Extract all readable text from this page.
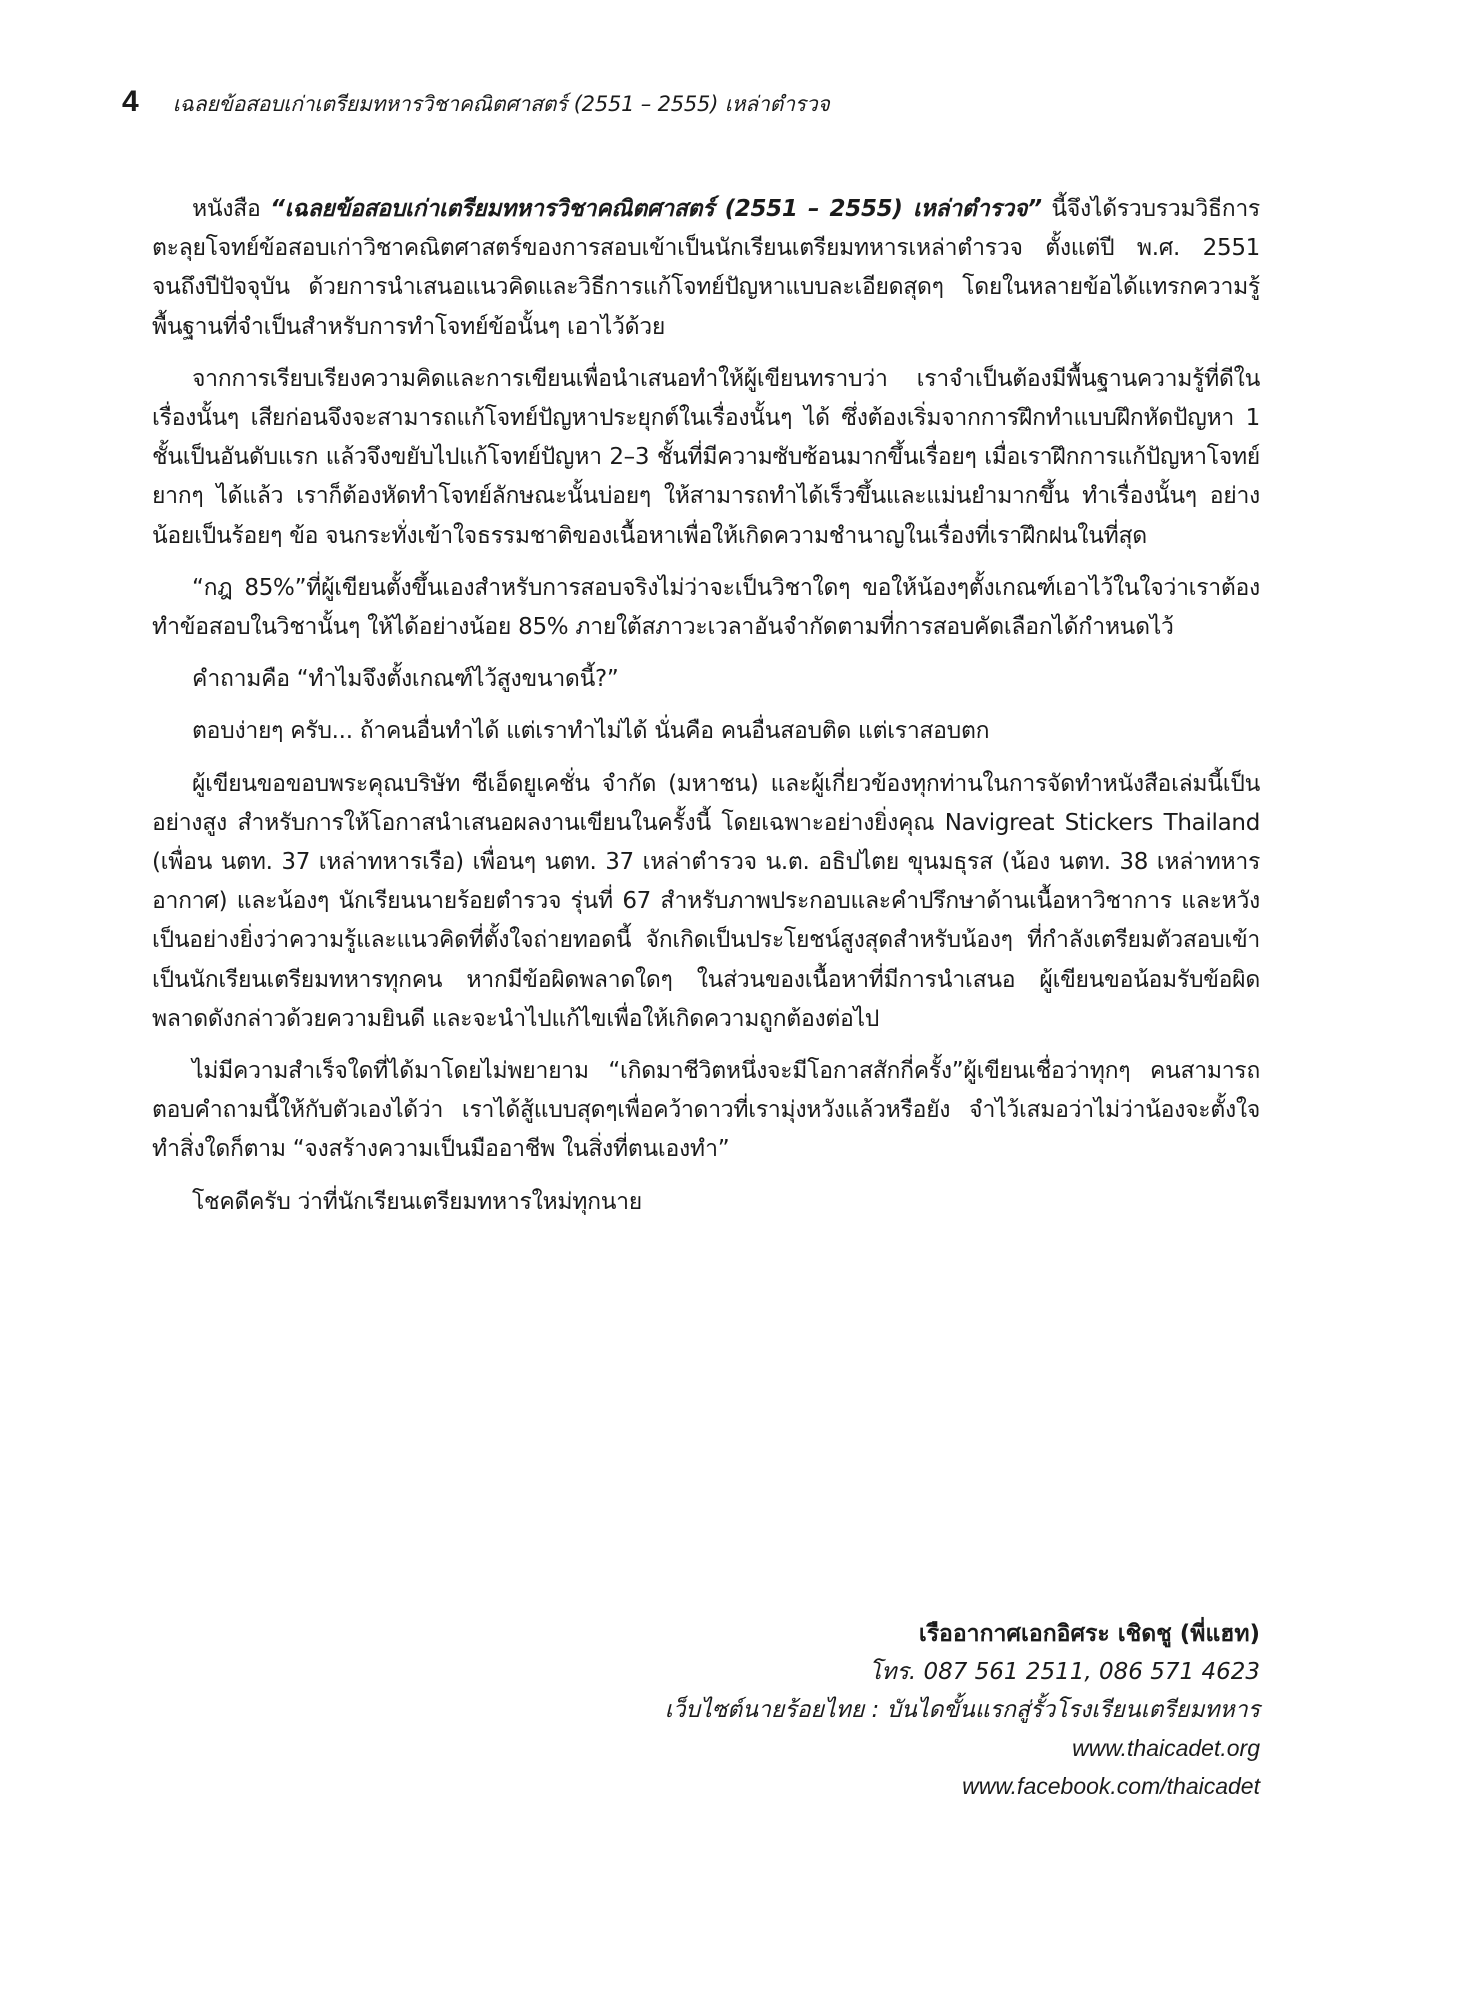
4 เฉลยข้อสอบเก่าเตรียมทหารวิชาคณิตศาสตร์ (2551 – 2555) เหล่าตำรวจ

หนังสือ “เฉลยข้อสอบเก่าเตรียมทหารวิชาคณิตศาสตร์ (2551 – 2555) เหล่าตำรวจ” นี้จึงได้รวบรวมวิธีการตะลุยโจทย์ข้อสอบเก่าวิชาคณิตศาสตร์ของการสอบเข้าเป็นนักเรียนเตรียมทหารเหล่าตำรวจ ตั้งแต่ปี พ.ศ. 2551 จนถึงปีปัจจุบัน ด้วยการนำเสนอแนวคิดและวิธีการแก้โจทย์ปัญหาแบบละเอียดสุดๆ โดยในหลายข้อได้แทรกความรู้พื้นฐานที่จำเป็นสำหรับการทำโจทย์ข้อนั้นๆ เอาไว้ด้วย

จากการเรียบเรียงความคิดและการเขียนเพื่อนำเสนอทำให้ผู้เขียนทราบว่า เราจำเป็นต้องมีพื้นฐานความรู้ที่ดีในเรื่องนั้นๆ เสียก่อนจึงจะสามารถแก้โจทย์ปัญหาประยุกต์ในเรื่องนั้นๆ ได้ ซึ่งต้องเริ่มจากการฝึกทำแบบฝึกหัดปัญหา 1 ชั้นเป็นอันดับแรก แล้วจึงขยับไปแก้โจทย์ปัญหา 2–3 ชั้นที่มีความซับซ้อนมากขึ้นเรื่อยๆ เมื่อเราฝึกการแก้ปัญหาโจทย์ยากๆ ได้แล้ว เราก็ต้องหัดทำโจทย์ลักษณะนั้นบ่อยๆ ให้สามารถทำได้เร็วขึ้นและแม่นยำมากขึ้น ทำเรื่องนั้นๆ อย่างน้อยเป็นร้อยๆ ข้อ จนกระทั่งเข้าใจธรรมชาติของเนื้อหาเพื่อให้เกิดความชำนาญในเรื่องที่เราฝึกฝนในที่สุด

“กฎ 85%”ที่ผู้เขียนตั้งขึ้นเองสำหรับการสอบจริงไม่ว่าจะเป็นวิชาใดๆ ขอให้น้องๆตั้งเกณฑ์เอาไว้ในใจว่าเราต้องทำข้อสอบในวิชานั้นๆ ให้ได้อย่างน้อย 85% ภายใต้สภาวะเวลาอันจำกัดตามที่การสอบคัดเลือกได้กำหนดไว้

คำถามคือ “ทำไมจึงตั้งเกณฑ์ไว้สูงขนาดนี้?”

ตอบง่ายๆ ครับ... ถ้าคนอื่นทำได้ แต่เราทำไม่ได้ นั่นคือ คนอื่นสอบติด แต่เราสอบตก

ผู้เขียนขอขอบพระคุณบริษัท ซีเอ็ดยูเคชั่น จำกัด (มหาชน) และผู้เกี่ยวข้องทุกท่านในการจัดทำหนังสือเล่มนี้เป็นอย่างสูง สำหรับการให้โอกาสนำเสนอผลงานเขียนในครั้งนี้ โดยเฉพาะอย่างยิ่งคุณ Navigreat Stickers Thailand (เพื่อน นตท. 37 เหล่าทหารเรือ) เพื่อนๆ นตท. 37 เหล่าตำรวจ น.ต. อธิปไตย ขุนมธุรส (น้อง นตท. 38 เหล่าทหารอากาศ) และน้องๆ นักเรียนนายร้อยตำรวจ รุ่นที่ 67 สำหรับภาพประกอบและคำปรึกษาด้านเนื้อหาวิชาการ และหวังเป็นอย่างยิ่งว่าความรู้และแนวคิดที่ตั้งใจถ่ายทอดนี้ จักเกิดเป็นประโยชน์สูงสุดสำหรับน้องๆ ที่กำลังเตรียมตัวสอบเข้าเป็นนักเรียนเตรียมทหารทุกคน หากมีข้อผิดพลาดใดๆ ในส่วนของเนื้อหาที่มีการนำเสนอ ผู้เขียนขอน้อมรับข้อผิดพลาดดังกล่าวด้วยความยินดี และจะนำไปแก้ไขเพื่อให้เกิดความถูกต้องต่อไป

ไม่มีความสำเร็จใดที่ได้มาโดยไม่พยายาม “เกิดมาชีวิตหนึ่งจะมีโอกาสสักกี่ครั้ง”ผู้เขียนเชื่อว่าทุกๆ คนสามารถตอบคำถามนี้ให้กับตัวเองได้ว่า เราได้สู้แบบสุดๆเพื่อคว้าดาวที่เรามุ่งหวังแล้วหรือยัง จำไว้เสมอว่าไม่ว่าน้องจะตั้งใจทำสิ่งใดก็ตาม “จงสร้างความเป็นมืออาชีพ ในสิ่งที่ตนเองทำ”

โชคดีครับ ว่าที่นักเรียนเตรียมทหารใหม่ทุกนาย

เรืออากาศเอกอิศระ เชิดชู (พี่แฮท)

โทร. 087 561 2511, 086 571 4623

เว็บไซต์นายร้อยไทย : บันไดขั้นแรกสู่รั้วโรงเรียนเตรียมทหาร

www.thaicadet.org

www.facebook.com/thaicadet
